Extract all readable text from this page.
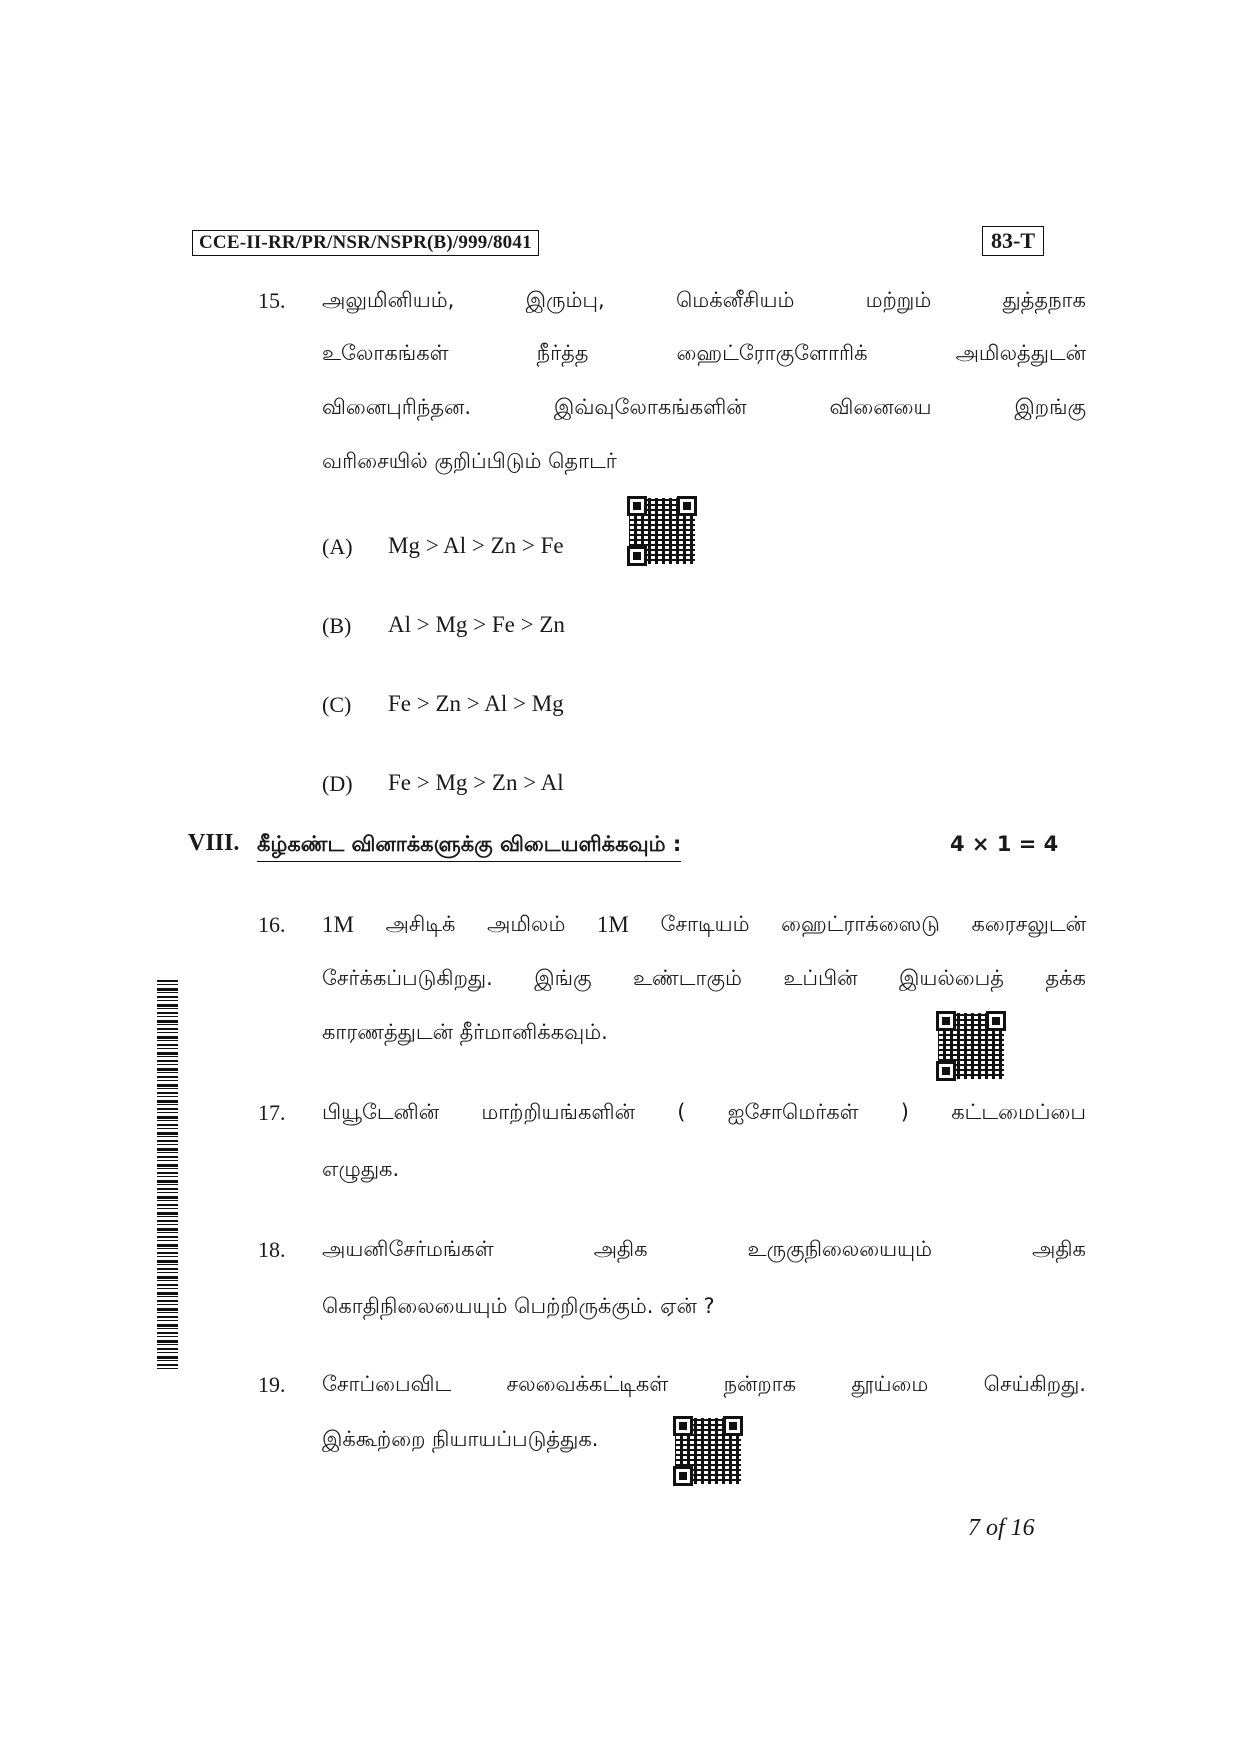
CCE-II-RR/PR/NSR/NSPR(B)/999/8041	83-T
15. அலுமினியம்,	இரும்பு,	மெக்னீசியம்	மற்றும்	துத்தநாக
உலோகங்கள்	நீர்த்த	ஹைட்ரோகுளோரிக்	அமிலத்துடன்
வினைபுரிந்தன.	இவ்வுலோகங்களின்	வினையை	இறங்கு
வரிசையில் குறிப்பிடும் தொடர்
(A) Mg > Al > Zn > Fe
(B) Al > Mg > Fe > Zn
(C) Fe > Zn > Al > Mg
(D) Fe > Mg > Zn > Al
VIII. கீழ்கண்ட வினாக்களுக்கு விடையளிக்கவும் :	4 × 1 = 4
16. 1M அசிடிக் அமிலம் 1M சோடியம் ஹைட்ராக்ஸைடு கரைசலுடன்
சேர்க்கப்படுகிறது. இங்கு உண்டாகும் உப்பின் இயல்பைத் தக்க
காரணத்துடன் தீர்மானிக்கவும்.
17. பியூடேனின் மாற்றியங்களின் ( ஐசோமெர்கள் ) கட்டமைப்பை
எழுதுக.
18. அயனிசேர்மங்கள்	அதிக	உருகுநிலையையும்	அதிக
கொதிநிலையையும் பெற்றிருக்கும். ஏன் ?
19. சோப்பைவிட	சலவைக்கட்டிகள்	நன்றாக	தூய்மை	செய்கிறது.
இக்கூற்றை நியாயப்படுத்துக.
7 of 16
